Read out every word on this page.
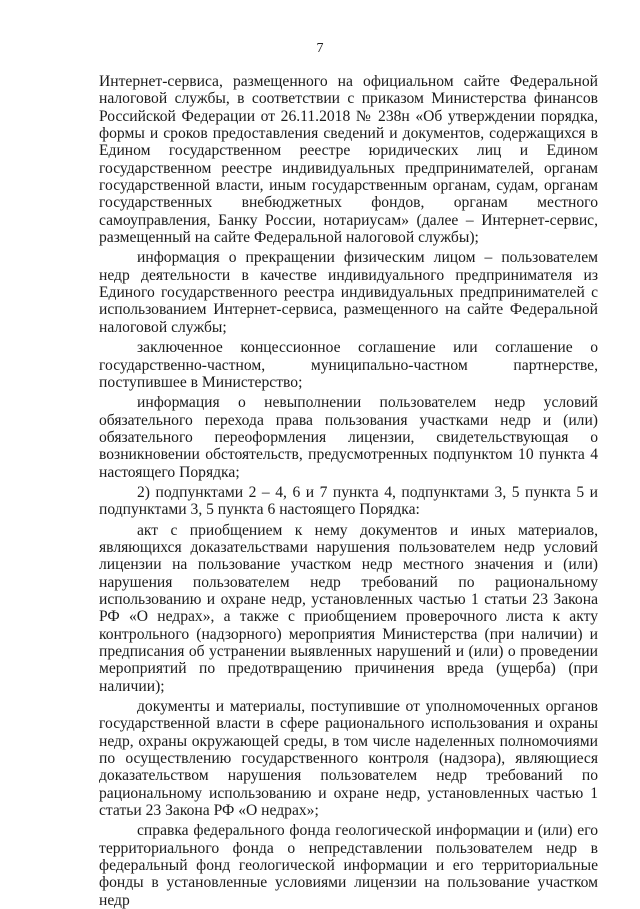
7

Интернет-сервиса, размещенного на официальном сайте Федеральной налоговой службы, в соответствии с приказом Министерства финансов Российской Федерации от 26.11.2018 № 238н «Об утверждении порядка, формы и сроков предоставления сведений и документов, содержащихся в Едином государственном реестре юридических лиц и Едином государственном реестре индивидуальных предпринимателей, органам государственной власти, иным государственным органам, судам, органам государственных внебюджетных фондов, органам местного самоуправления, Банку России, нотариусам» (далее – Интернет-сервис, размещенный на сайте Федеральной налоговой службы);

информация о прекращении физическим лицом – пользователем недр деятельности в качестве индивидуального предпринимателя из Единого государственного реестра индивидуальных предпринимателей с использованием Интернет-сервиса, размещенного на сайте Федеральной налоговой службы;

заключенное концессионное соглашение или соглашение о государственно-частном, муниципально-частном партнерстве, поступившее в Министерство;

информация о невыполнении пользователем недр условий обязательного перехода права пользования участками недр и (или) обязательного переоформления лицензии, свидетельствующая о возникновении обстоятельств, предусмотренных подпунктом 10 пункта 4 настоящего Порядка;

2) подпунктами 2 – 4, 6 и 7 пункта 4, подпунктами 3, 5 пункта 5 и подпунктами 3, 5 пункта 6 настоящего Порядка:

акт с приобщением к нему документов и иных материалов, являющихся доказательствами нарушения пользователем недр условий лицензии на пользование участком недр местного значения и (или) нарушения пользователем недр требований по рациональному использованию и охране недр, установленных частью 1 статьи 23 Закона РФ «О недрах», а также с приобщением проверочного листа к акту контрольного (надзорного) мероприятия Министерства (при наличии) и предписания об устранении выявленных нарушений и (или) о проведении мероприятий по предотвращению причинения вреда (ущерба) (при наличии);

документы и материалы, поступившие от уполномоченных органов государственной власти в сфере рационального использования и охраны недр, охраны окружающей среды, в том числе наделенных полномочиями по осуществлению государственного контроля (надзора), являющиеся доказательством нарушения пользователем недр требований по рациональному использованию и охране недр, установленных частью 1 статьи 23 Закона РФ «О недрах»;

справка федерального фонда геологической информации и (или) его территориального фонда о непредставлении пользователем недр в федеральный фонд геологической информации и его территориальные фонды в установленные условиями лицензии на пользование участком недр
